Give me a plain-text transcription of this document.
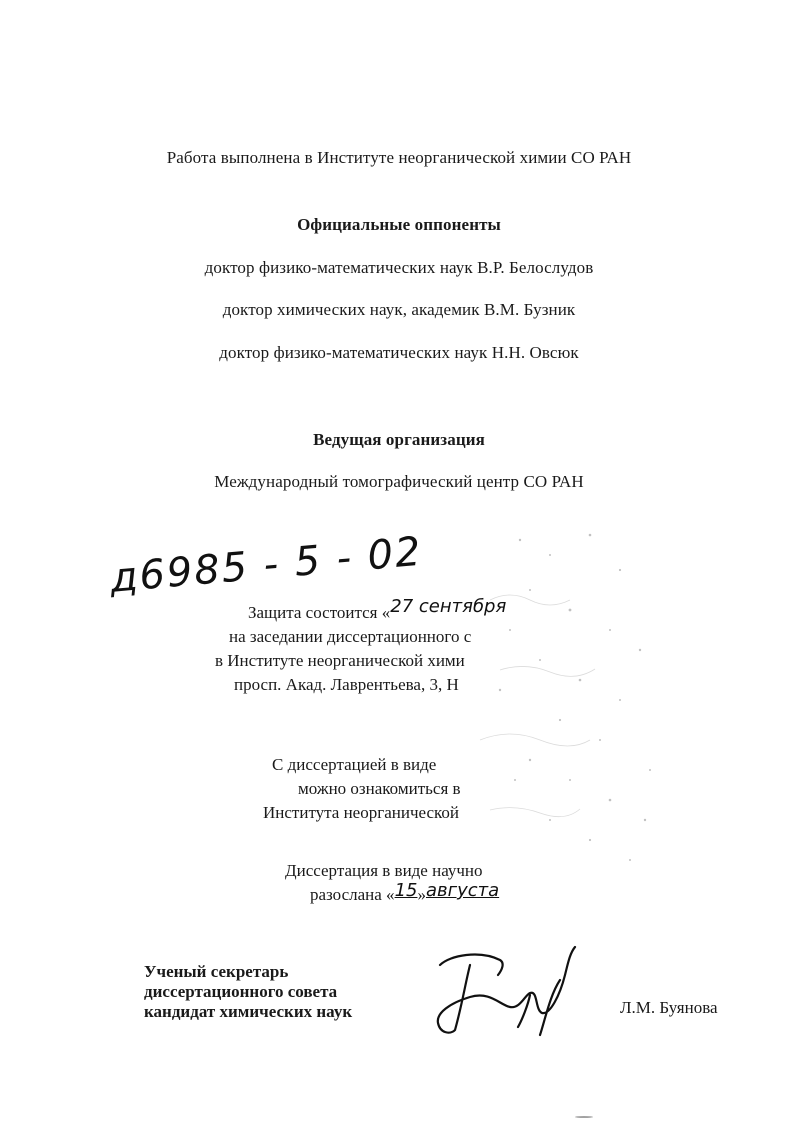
Работа выполнена в Институте неорганической химии СО РАН
Официальные оппоненты
доктор физико-математических наук В.Р. Белослудов
доктор химических наук, академик В.М. Бузник
доктор физико-математических наук Н.Н. Овсюк
Ведущая организация
Международный томографический центр СО РАН
д6985 - 5 - 02
Защита состоится «27 сентября
на заседании диссертационного с
в Институте неорганической хими
просп. Акад. Лаврентьева, 3, Н
С диссертацией в виде
можно ознакомиться в
Института неорганической
Диссертация в виде научно
разослана «15»августа
Ученый секретарь
диссертационного совета
кандидат химических наук	Л.М. Буянова
